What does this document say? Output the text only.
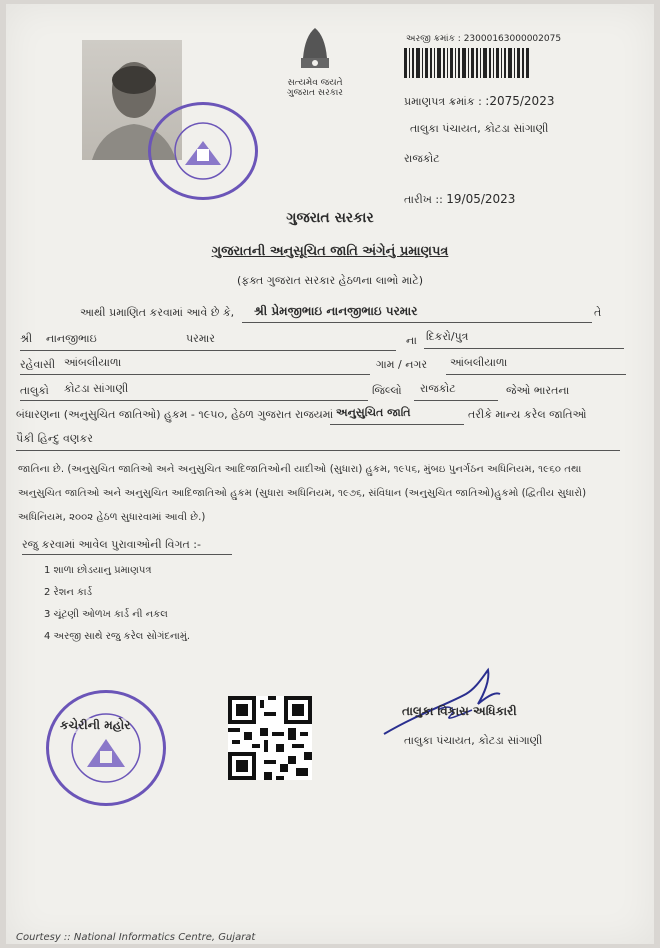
સત્યમેવ જયતે
ગુજરાત સરકાર
અરજી ક્રમાંક : 23000163000002075
પ્રમાણપત્ર ક્રમાંક : :2075/2023
તાલુકા પંચાયત, કોટડા સાંગાણી
રાજકોટ
તારીખ :: 19/05/2023
ગુજરાત સરકાર
ગુજરાતની અનુસૂચિત જાતિ અંગેનું પ્રમાણપત્ર
(ફક્ત ગુજરાત સરકાર હેઠળના લાભો માટે)
આથી પ્રમાણિત કરવામાં આવે છે કે, શ્રી પ્રેમજીભાઇ નાનજીભાઇ પરમાર	તે
શ્રી નાનજીભાઇ	પરમાર	ના દિકરો/પુત્ર
રહેવાસી આંબલીયાળા	ગામ / નગર આંબલીયાળા
તાલુકો કોટડા સાંગાણી	જિલ્લો રાજકોટ	જેઓ ભારતના
બંધારણના (અનુસુચિત જાતિઓ) હુકમ - ૧૯૫૦, હેઠળ ગુજરાત રાજયમાં અનુસુચિત જાતિ	તરીકે માન્ય કરેલ જાતિઓ
પૈકી હિન્દુ વણકર
જાતિના છે. (અનુસુચિત જાતિઓ અને અનુસુચિત આદિજાતિઓની યાદીઓ (સુધારા) હુકમ, ૧૯૫૬, મુંબઇ પુનર્ગઠન અધિનિયમ, ૧૯૬૦ તથા
અનુસુચિત જાતિઓ અને અનુસુચિત આદિજાતિઓ હુકમ (સુધારા અધિનિયમ, ૧૯૭૬, સંવિધાન (અનુસુચિત જાતિઓ)હુકમો (દ્વિતીય સુધારો)
અધિનિયમ, ૨૦૦૨ હેઠળ સુધારવામાં આવી છે.)
રજુ કરવામાં આવેલ પુરાવાઓની વિગત :-
1 શાળા છોડયાનુ પ્રમાણપત્ર
2 રેશન કાર્ડ
3 ચૂંટણી ઓળખ કાર્ડ ની નકલ
4 અરજી સાથે રજુ કરેલ સોગંદનામું.
કચેરીની મહોર
તાલુકા વિકાસ અધિકારી
તાલુકા પંચાયત, કોટડા સાંગાણી
Courtesy :: National Informatics Centre, Gujarat
